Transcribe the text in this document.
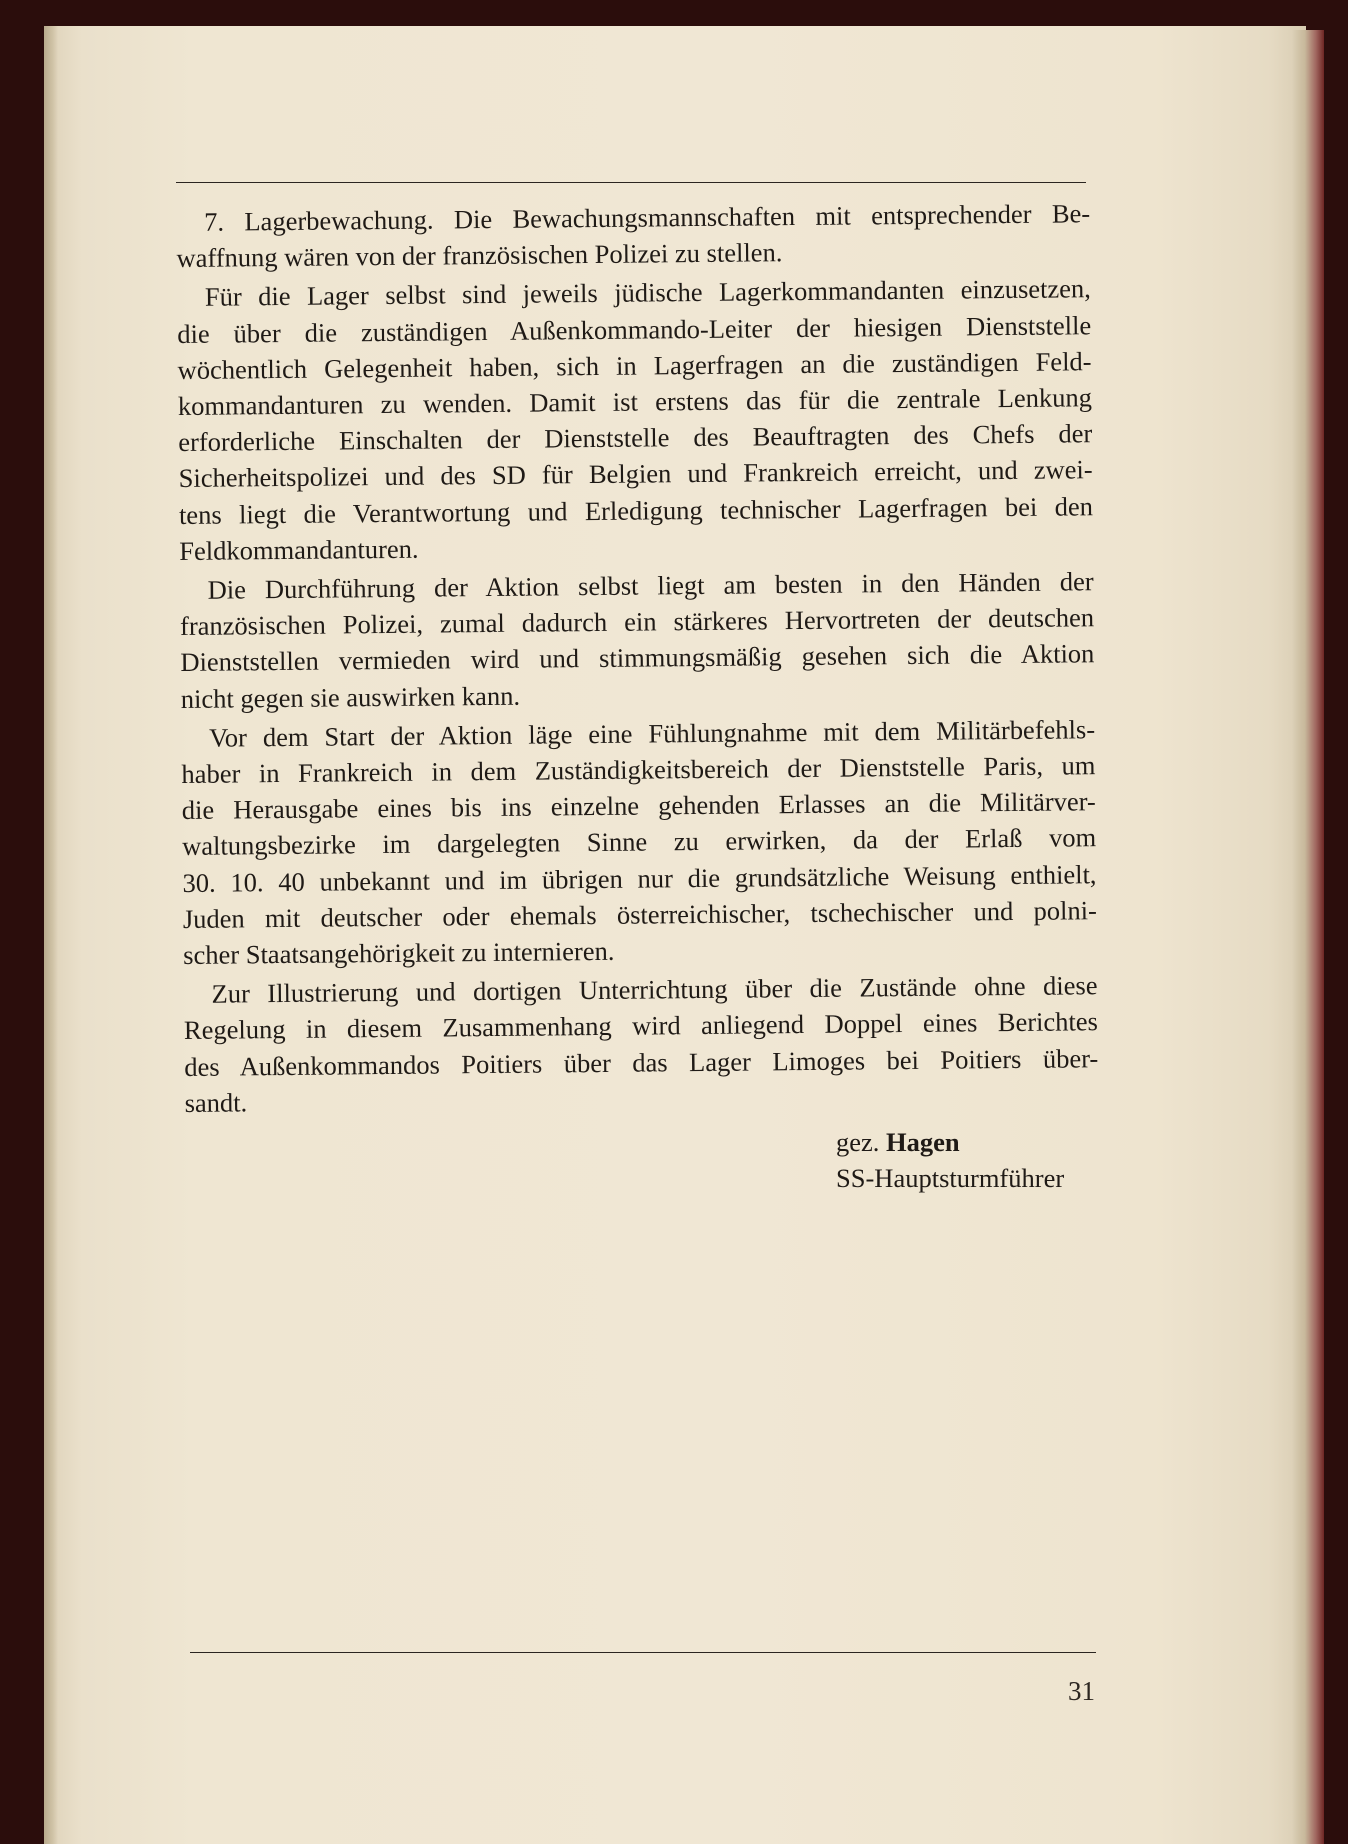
7. Lagerbewachung. Die Bewachungsmannschaften mit entsprechender Be-
waffnung wären von der französischen Polizei zu stellen.
Für die Lager selbst sind jeweils jüdische Lagerkommandanten einzusetzen,
die über die zuständigen Außenkommando-Leiter der hiesigen Dienststelle
wöchentlich Gelegenheit haben, sich in Lagerfragen an die zuständigen Feld-
kommandanturen zu wenden. Damit ist erstens das für die zentrale Lenkung
erforderliche Einschalten der Dienststelle des Beauftragten des Chefs der
Sicherheitspolizei und des SD für Belgien und Frankreich erreicht, und zwei-
tens liegt die Verantwortung und Erledigung technischer Lagerfragen bei den
Feldkommandanturen.
Die Durchführung der Aktion selbst liegt am besten in den Händen der
französischen Polizei, zumal dadurch ein stärkeres Hervortreten der deutschen
Dienststellen vermieden wird und stimmungsmäßig gesehen sich die Aktion
nicht gegen sie auswirken kann.
Vor dem Start der Aktion läge eine Fühlungnahme mit dem Militärbefehls-
haber in Frankreich in dem Zuständigkeitsbereich der Dienststelle Paris, um
die Herausgabe eines bis ins einzelne gehenden Erlasses an die Militärver-
waltungsbezirke im dargelegten Sinne zu erwirken, da der Erlaß vom
30. 10. 40 unbekannt und im übrigen nur die grundsätzliche Weisung enthielt,
Juden mit deutscher oder ehemals österreichischer, tschechischer und polni-
scher Staatsangehörigkeit zu internieren.
Zur Illustrierung und dortigen Unterrichtung über die Zustände ohne diese
Regelung in diesem Zusammenhang wird anliegend Doppel eines Berichtes
des Außenkommandos Poitiers über das Lager Limoges bei Poitiers über-
sandt.
gez. Hagen
SS-Hauptsturmführer
31
